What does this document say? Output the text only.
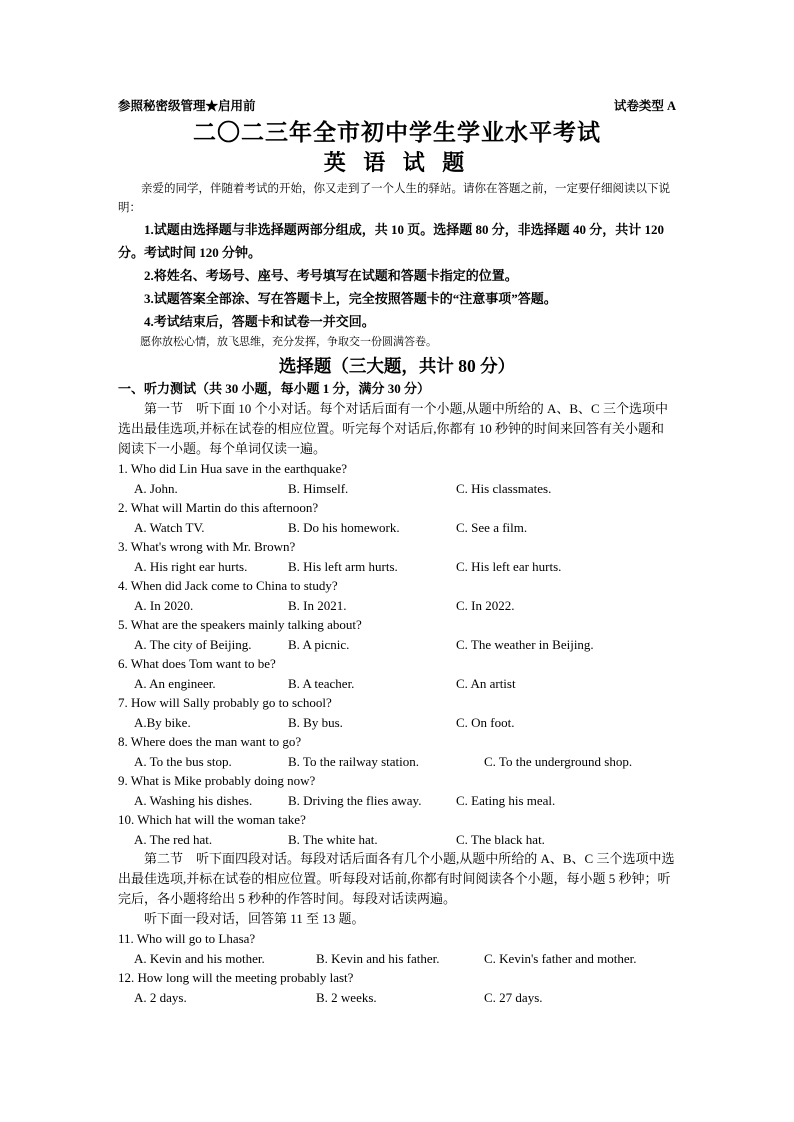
参照秘密级管理★启用前	试卷类型 A
二〇二三年全市初中学生学业水平考试
英 语 试 题
亲爱的同学，伴随着考试的开始，你又走到了一个人生的驿站。请你在答题之前，一定要仔细阅读以下说明：
1.试题由选择题与非选择题两部分组成，共 10 页。选择题 80 分，非选择题 40 分，共计 120 分。考试时间 120 分钟。
2.将姓名、考场号、座号、考号填写在试题和答题卡指定的位置。
3.试题答案全部涂、写在答题卡上，完全按照答题卡的“注意事项”答题。
4.考试结束后，答题卡和试卷一并交回。
愿你放松心情，放飞思维，充分发挥，争取交一份圆满答卷。
选择题（三大题，共计 80 分）
一、听力测试（共 30 小题，每小题 1 分，满分 30 分）
第一节　听下面 10 个小对话。每个对话后面有一个小题,从题中所给的 A、B、C 三个选项中选出最佳选项,并标在试卷的相应位置。听完每个对话后,你都有 10 秒钟的时间来回答有关小题和阅读下一小题。每个单词仅读一遍。
1. Who did Lin Hua save in the earthquake?
A. John.	B. Himself.	C. His classmates.
2. What will Martin do this afternoon?
A. Watch TV.	B. Do his homework.	C. See a film.
3. What's wrong with Mr. Brown?
A. His right ear hurts.	B. His left arm hurts.	C. His left ear hurts.
4. When did Jack come to China to study?
A. In 2020.	B. In 2021.	C. In 2022.
5. What are the speakers mainly talking about?
A. The city of Beijing.	B. A picnic.	C. The weather in Beijing.
6. What does Tom want to be?
A. An engineer.	B. A teacher.	C. An artist
7. How will Sally probably go to school?
A.By bike.	B. By bus.	C. On foot.
8. Where does the man want to go?
A. To the bus stop.	B. To the railway station.	C. To the underground shop.
9. What is Mike probably doing now?
A. Washing his dishes.	B. Driving the flies away.	C. Eating his meal.
10. Which hat will the woman take?
A. The red hat.	B. The white hat.	C. The black hat.
第二节　听下面四段对话。每段对话后面各有几个小题,从题中所给的 A、B、C 三个选项中选出最佳选项,并标在试卷的相应位置。听每段对话前,你都有时间阅读各个小题，每小题 5 秒钟；听完后，各小题将给出 5 秒种的作答时间。每段对话读两遍。
听下面一段对话，回答第 11 至 13 题。
11. Who will go to Lhasa?
A. Kevin and his mother.	B. Kevin and his father.	C. Kevin's father and mother.
12. How long will the meeting probably last?
A. 2 days.	B. 2 weeks.	C. 27 days.
